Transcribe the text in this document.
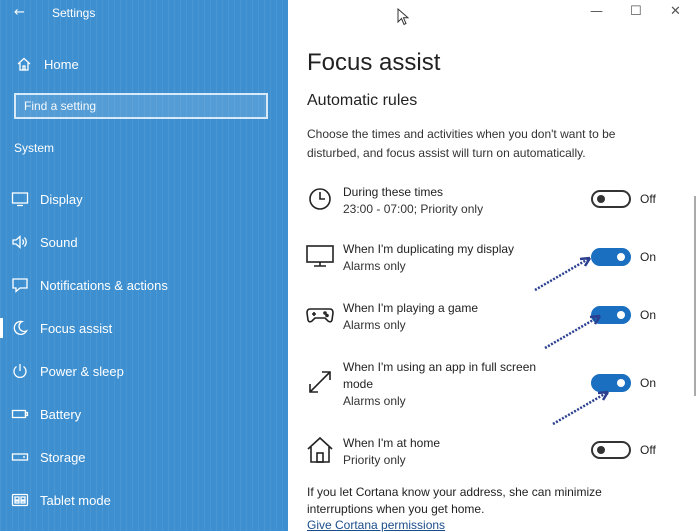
← Settings
Home
Find a setting
System
Display
Sound
Notifications & actions
Focus assist
Power & sleep
Battery
Storage
Tablet mode
— ☐ ✕
Focus assist
Automatic rules
Choose the times and activities when you don't want to be disturbed, and focus assist will turn on automatically.
During these times
23:00 - 07:00; Priority only
Off
When I'm duplicating my display
Alarms only
On
When I'm playing a game
Alarms only
On
When I'm using an app in full screen mode
Alarms only
On
When I'm at home
Priority only
Off
If you let Cortana know your address, she can minimize interruptions when you get home.
Give Cortana permissions
